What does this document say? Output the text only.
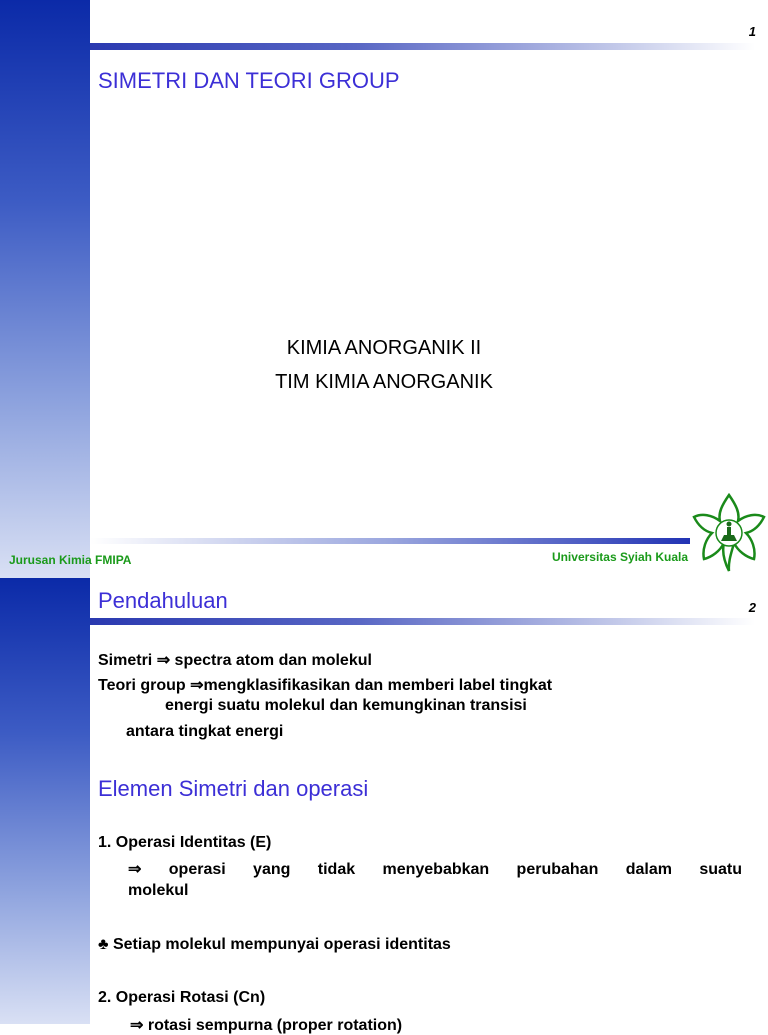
1
SIMETRI DAN TEORI GROUP
KIMIA ANORGANIK II
TIM KIMIA ANORGANIK
Jurusan Kimia FMIPA	Universitas Syiah Kuala
Pendahuluan	2
Simetri ⇒ spectra atom dan molekul
Teori group ⇒mengklasifikasikan dan memberi label tingkat
energi suatu molekul dan kemungkinan transisi
antara tingkat energi
Elemen Simetri dan operasi
1. Operasi Identitas (E)
⇒ operasi yang tidak menyebabkan perubahan dalam suatu
molekul
♣ Setiap molekul mempunyai operasi identitas
2. Operasi Rotasi (Cn)
⇒ rotasi sempurna (proper rotation)
